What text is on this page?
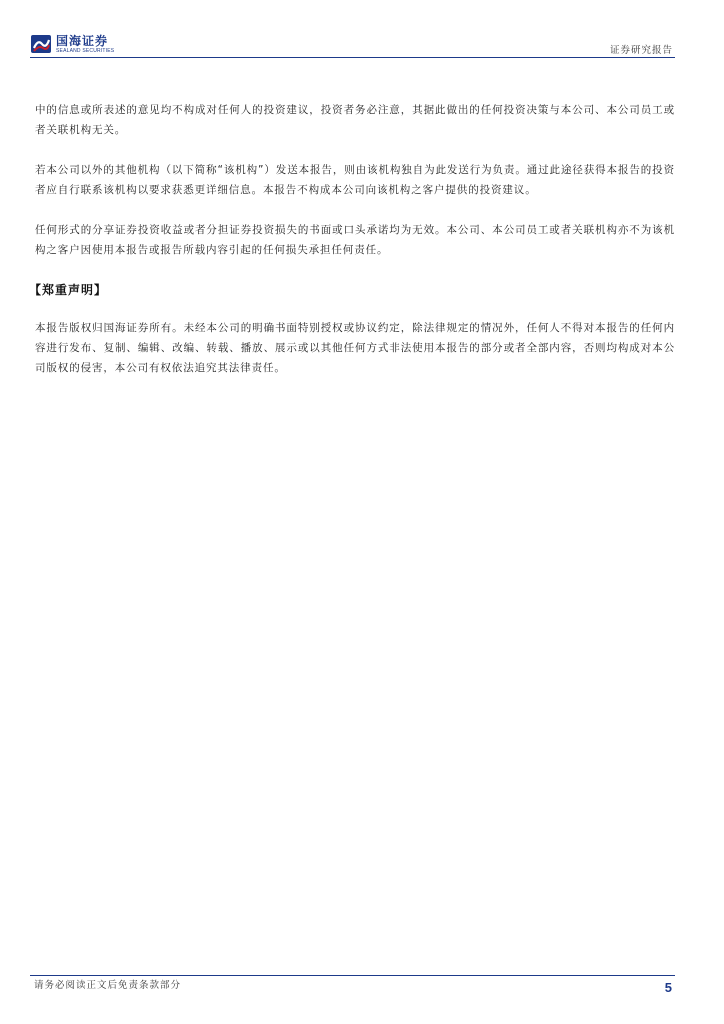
国海证券
SEALAND SECURITIES	证券研究报告

中的信息或所表述的意见均不构成对任何人的投资建议，投资者务必注意，其据此做出的任何投资决策与本公司、本公司员工或者关联机构无关。

若本公司以外的其他机构（以下简称“该机构”）发送本报告，则由该机构独自为此发送行为负责。通过此途径获得本报告的投资者应自行联系该机构以要求获悉更详细信息。本报告不构成本公司向该机构之客户提供的投资建议。

任何形式的分享证券投资收益或者分担证券投资损失的书面或口头承诺均为无效。本公司、本公司员工或者关联机构亦不为该机构之客户因使用本报告或报告所载内容引起的任何损失承担任何责任。

【郑重声明】

本报告版权归国海证券所有。未经本公司的明确书面特别授权或协议约定，除法律规定的情况外，任何人不得对本报告的任何内容进行发布、复制、编辑、改编、转载、播放、展示或以其他任何方式非法使用本报告的部分或者全部内容，否则均构成对本公司版权的侵害，本公司有权依法追究其法律责任。

请务必阅读正文后免责条款部分	5
